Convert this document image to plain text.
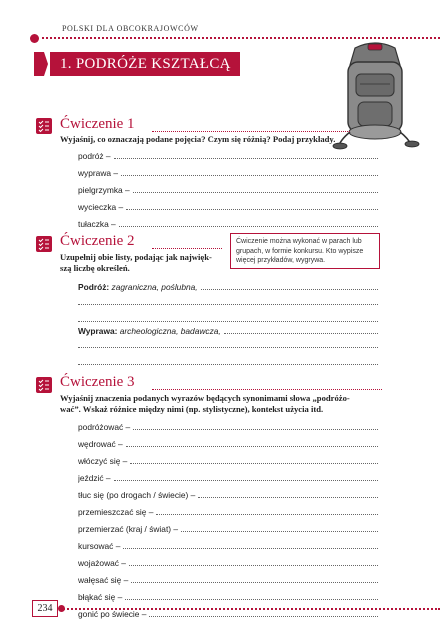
POLSKI DLA OBCOKRAJOWCÓW
1. PODRÓŻE KSZTAŁCĄ
Ćwiczenie 1
Wyjaśnij, co oznaczają podane pojęcia? Czym się różnią? Podaj przykłady.
podróż –
wyprawa –
pielgrzymka –
wycieczka –
tułaczka –
Ćwiczenie 2
Uzupełnij obie listy, podając jak najwięk-
szą liczbę określeń.
Ćwiczenie można wykonać w parach lub grupach, w formie konkursu. Kto wypisze więcej przykładów, wygrywa.
Podróż:
zagraniczna, poślubna,
Wyprawa:
archeologiczna, badawcza,
Ćwiczenie 3
Wyjaśnij znaczenia podanych wyrazów będących synonimami słowa „podróżo-
wać”. Wskaż różnice między nimi (np. stylistyczne), kontekst użycia itd.
podróżować –
wędrować –
włóczyć się –
jeździć –
tłuc się (po drogach / świecie) –
przemieszczać się –
przemierzać (kraj / świat) –
kursować –
wojażować –
wałęsać się –
błąkać się –
gonić po świecie –
234
